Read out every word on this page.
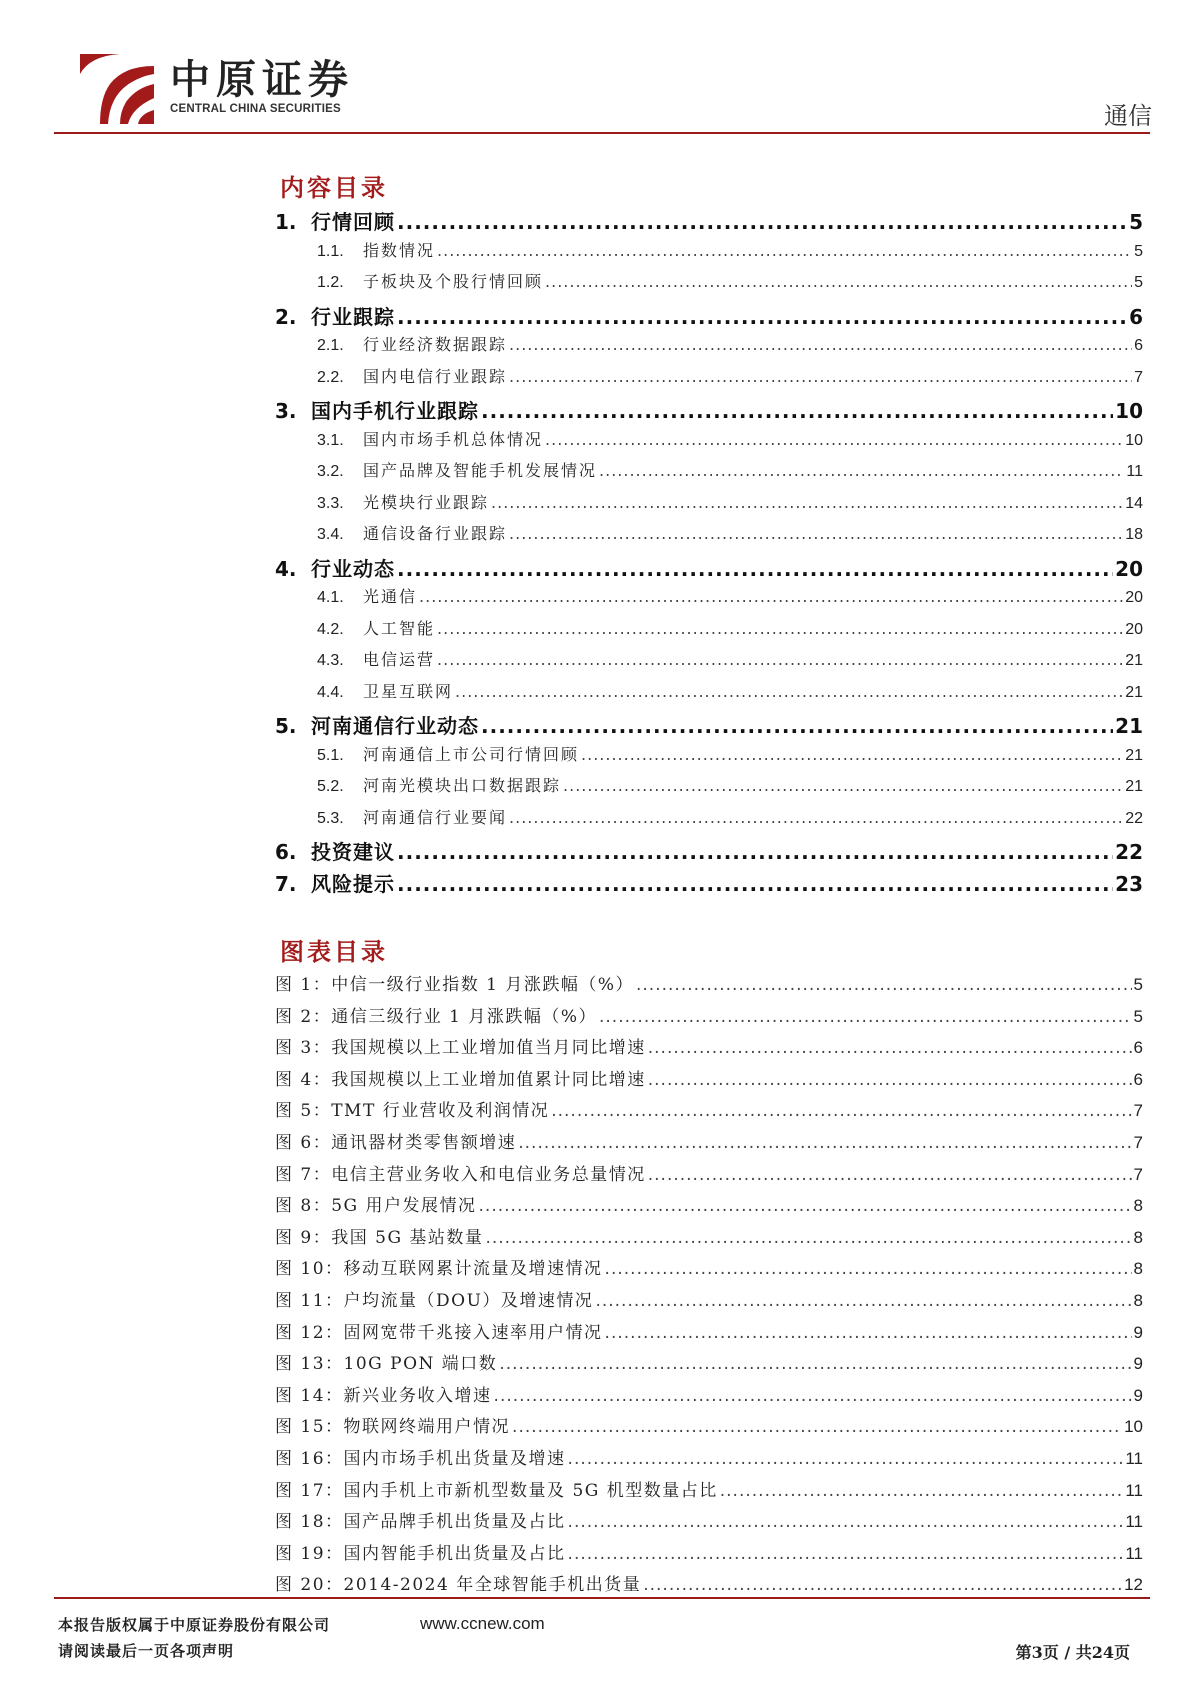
中原证券
CENTRAL CHINA SECURITIES	通信
内容目录
1. 行情回顾 .....	5
1.1.	指数情况 .....	5
1.2.	子板块及个股行情回顾 .....	5
2. 行业跟踪 .....	6
2.1.	行业经济数据跟踪 .....	6
2.2.	国内电信行业跟踪 .....	7
3. 国内手机行业跟踪 .....	10
3.1.	国内市场手机总体情况 .....	10
3.2.	国产品牌及智能手机发展情况 .....	11
3.3.	光模块行业跟踪 .....	14
3.4.	通信设备行业跟踪 .....	18
4. 行业动态 .....	20
4.1.	光通信 .....	20
4.2.	人工智能 .....	20
4.3.	电信运营 .....	21
4.4.	卫星互联网 .....	21
5. 河南通信行业动态 .....	21
5.1.	河南通信上市公司行情回顾 .....	21
5.2.	河南光模块出口数据跟踪 .....	21
5.3.	河南通信行业要闻 .....	22
6. 投资建议 .....	22
7. 风险提示 .....	23
图表目录
图 1：中信一级行业指数 1 月涨跌幅（%） .....	5
图 2：通信三级行业 1 月涨跌幅（%） .....	5
图 3：我国规模以上工业增加值当月同比增速 .....	6
图 4：我国规模以上工业增加值累计同比增速 .....	6
图 5：TMT 行业营收及利润情况 .....	7
图 6：通讯器材类零售额增速 .....	7
图 7：电信主营业务收入和电信业务总量情况 .....	7
图 8：5G 用户发展情况 .....	8
图 9：我国 5G 基站数量 .....	8
图 10：移动互联网累计流量及增速情况 .....	8
图 11：户均流量（DOU）及增速情况 .....	8
图 12：固网宽带千兆接入速率用户情况 .....	9
图 13：10G PON 端口数 .....	9
图 14：新兴业务收入增速 .....	9
图 15：物联网终端用户情况 .....	10
图 16：国内市场手机出货量及增速 .....	11
图 17：国内手机上市新机型数量及 5G 机型数量占比 .....	11
图 18：国产品牌手机出货量及占比 .....	11
图 19：国内智能手机出货量及占比 .....	11
图 20：2014-2024 年全球智能手机出货量 .....	12
本报告版权属于中原证券股份有限公司	www.ccnew.com
请阅读最后一页各项声明	第3页 / 共24页
